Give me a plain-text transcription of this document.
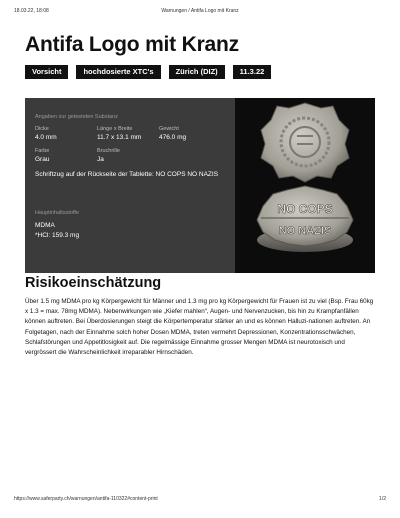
18.03.22, 18:08	Warnungen / Antifa Logo mit Kranz
Antifa Logo mit Kranz
Vorsicht	hochdosierte XTC's	Zürich (DIZ)	11.3.22
Angaben zur getesteten Substanz
Dicke
4.0 mm
Länge x Breite
11.7 x 13.1 mm
Gewicht
476.0 mg
Farbe
Grau
Bruchrille
Ja
Schriftzug auf der Rückseite der Tablette: NO COPS NO NAZIS
Hauptinhaltsstoffe
MDMA
*HCl: 159.3 mg
NO COPS
NO NAZIS
Risikoeinschätzung

Über 1.5 mg MDMA pro kg Körpergewicht für Männer und 1.3 mg pro kg Körpergewicht für Frauen ist zu viel (Bsp. Frau 60kg x 1.3 = max. 78mg MDMA). Nebenwirkungen wie „Kiefer mahlen“, Augen- und Nervenzucken, bis hin zu Krampfanfällen können auftreten. Bei Überdosierungen steigt die Körpertemperatur stärker an und es können Halluzi-nationen auftreten. An Folgetagen, nach der Einnahme solch hoher Dosen MDMA, treten vermehrt Depressionen, Konzentrationsschwächen, Schlafstörungen und Appetitlosigkeit auf. Die regelmässige Einnahme grosser Mengen MDMA ist neurotoxisch und vergrössert die Wahrscheinlichkeit irreparabler Hirnschäden.

https://www.saferparty.ch/warnungen/antifa-110322#content-print	1/2
